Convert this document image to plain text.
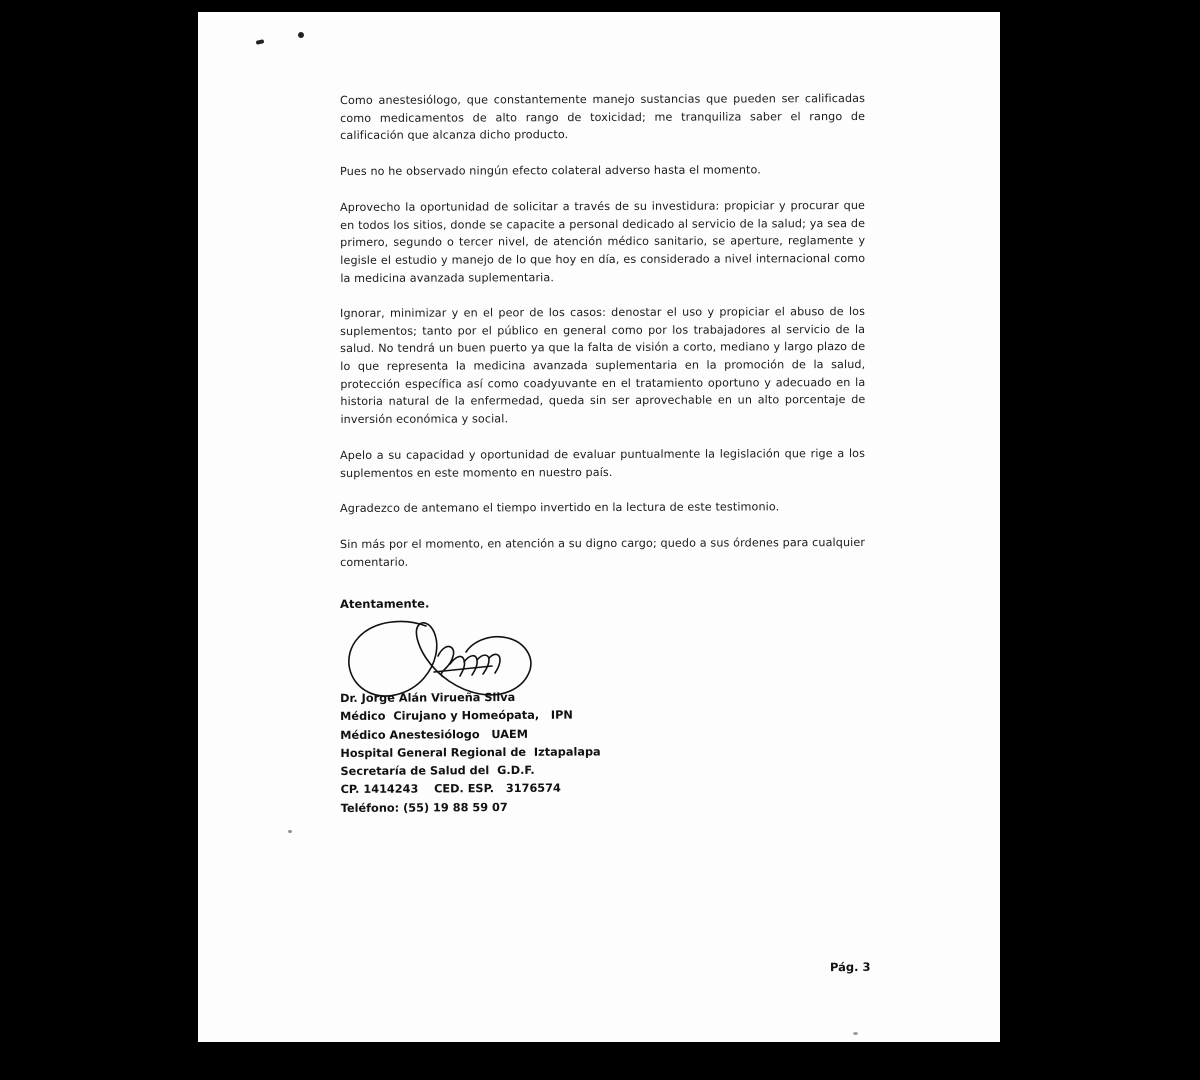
Como anestesiólogo, que constantemente manejo sustancias que pueden ser calificadas como medicamentos de alto rango de toxicidad; me tranquiliza saber el rango de calificación que alcanza dicho producto.

Pues no he observado ningún efecto colateral adverso hasta el momento.

Aprovecho la oportunidad de solicitar a través de su investidura: propiciar y procurar que en todos los sitios, donde se capacite a personal dedicado al servicio de la salud; ya sea de primero, segundo o tercer nivel, de atención médico sanitario, se aperture, reglamente y legisle el estudio y manejo de lo que hoy en día, es considerado a nivel internacional como la medicina avanzada suplementaria.

Ignorar, minimizar y en el peor de los casos: denostar el uso y propiciar el abuso de los suplementos; tanto por el público en general como por los trabajadores al servicio de la salud. No tendrá un buen puerto ya que la falta de visión a corto, mediano y largo plazo de lo que representa la medicina avanzada suplementaria en la promoción de la salud, protección específica así como coadyuvante en el tratamiento oportuno y adecuado en la historia natural de la enfermedad, queda sin ser aprovechable en un alto porcentaje de inversión económica y social.

Apelo a su capacidad y oportunidad de evaluar puntualmente la legislación que rige a los suplementos en este momento en nuestro país.

Agradezco de antemano el tiempo invertido en la lectura de este testimonio.

Sin más por el momento, en atención a su digno cargo; quedo a sus órdenes para cualquier comentario.

Atentamente.
Dr. Jorge Alán Virueña Silva
Médico  Cirujano y Homeópata,   IPN
Médico Anestesiólogo   UAEM
Hospital General Regional de  Iztapalapa
Secretaría de Salud del  G.D.F.
CP. 1414243    CED. ESP.   3176574
Teléfono: (55) 19 88 59 07
Pág. 3
